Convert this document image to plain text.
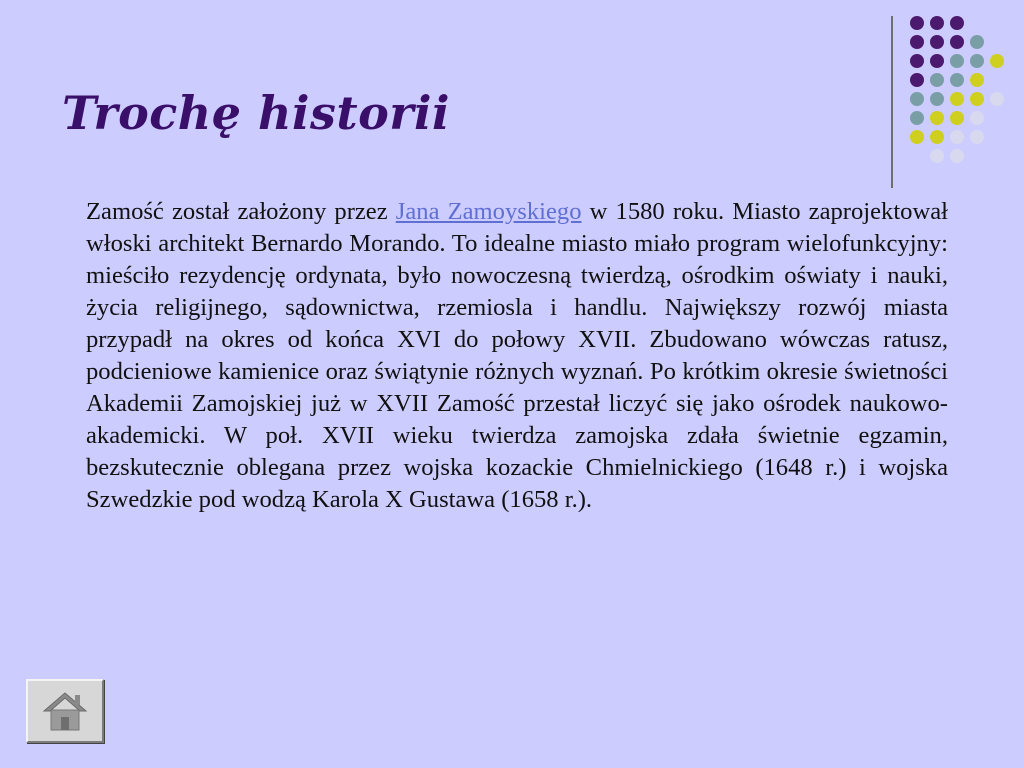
Trochę historii

Zamość został założony przez Jana Zamoyskiego w 1580 roku. Miasto zaprojektował włoski architekt Bernardo Morando. To idealne miasto miało program wielofunkcyjny: mieściło rezydencję ordynata, było nowoczesną twierdzą, ośrodkim oświaty i nauki, życia religijnego, sądownictwa, rzemiosla i handlu. Największy rozwój miasta przypadł na okres od końca XVI do połowy XVII. Zbudowano wówczas ratusz, podcieniowe kamienice oraz świątynie różnych wyznań. Po krótkim okresie świetności Akademii Zamojskiej już w XVII Zamość przestał liczyć się jako ośrodek naukowo-akademicki. W poł. XVII wieku twierdza zamojska zdała świetnie egzamin, bezskutecznie oblegana przez wojska kozackie Chmielnickiego (1648 r.) i wojska Szwedzkie pod wodzą Karola X Gustawa (1658 r.).
